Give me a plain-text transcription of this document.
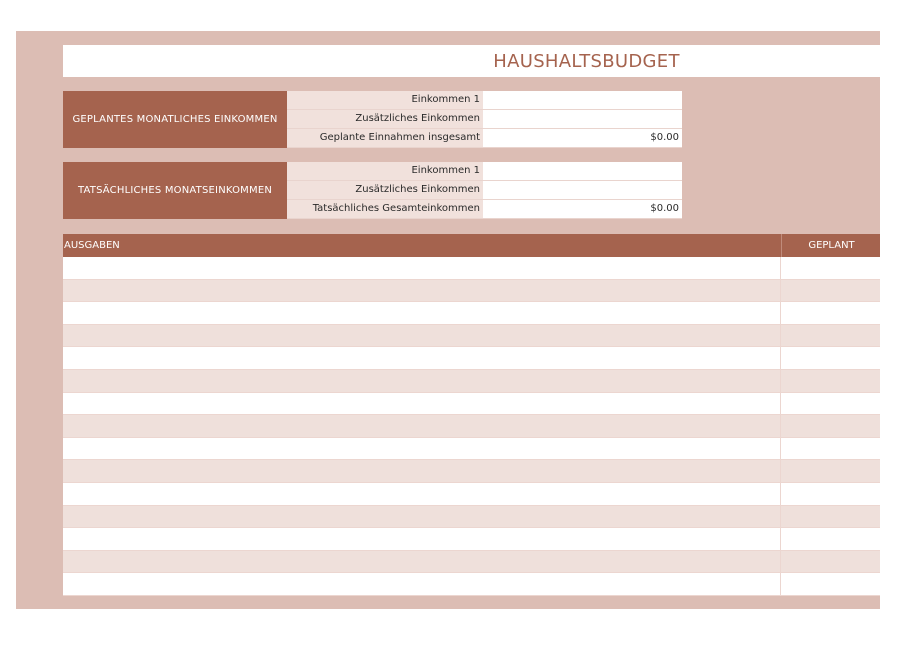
HAUSHALTSBUDGET
GEPLANTES MONATLICHES EINKOMMEN
Einkommen 1
Zusätzliches Einkommen
Geplante Einnahmen insgesamt	$0.00
TATSÄCHLICHES MONATSEINKOMMEN
Einkommen 1
Zusätzliches Einkommen
Tatsächliches Gesamteinkommen	$0.00
AUSGABEN	GEPLANT
